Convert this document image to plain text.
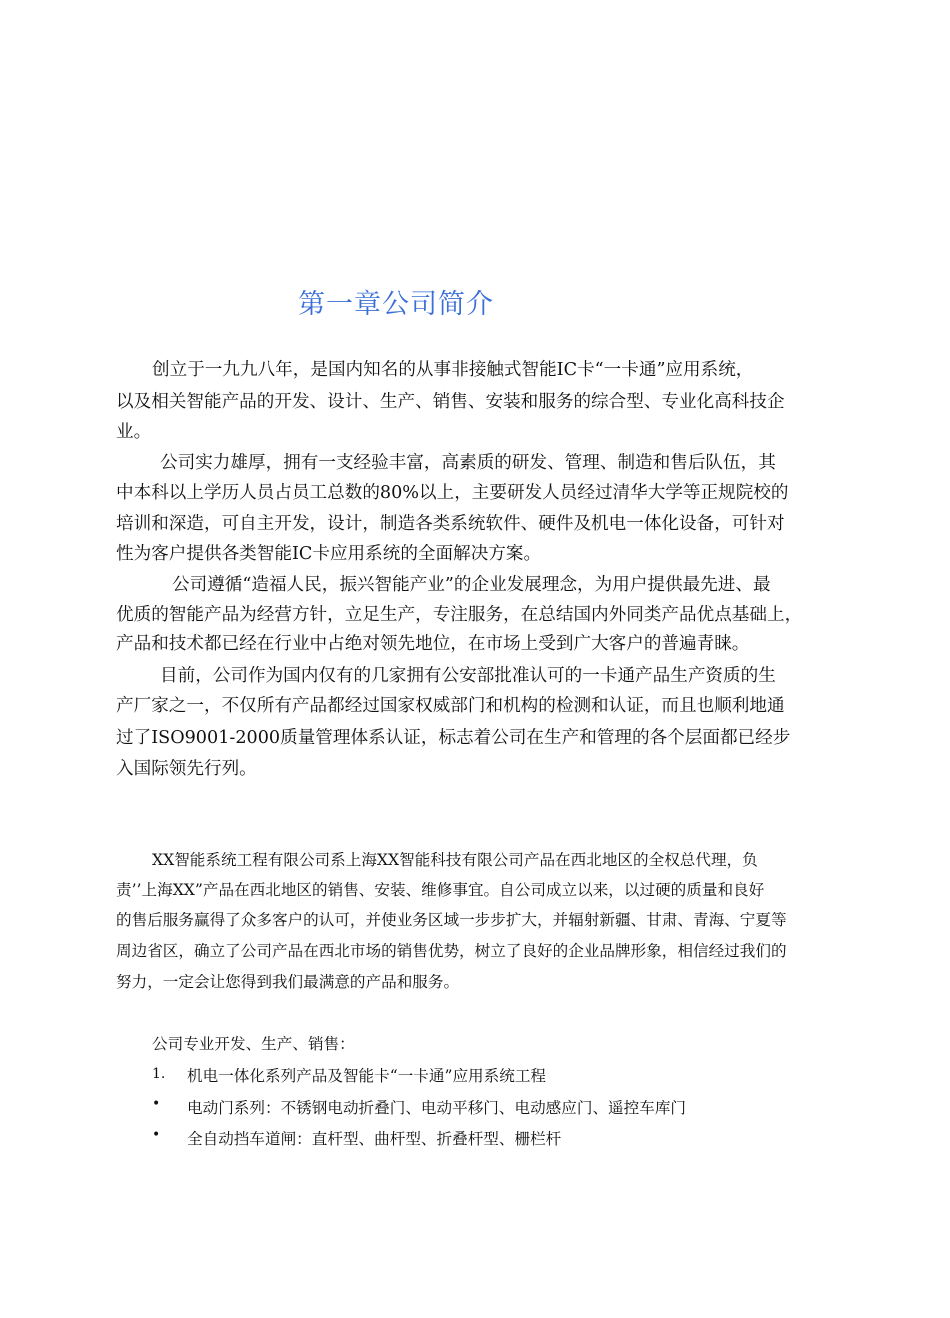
第一章公司简介
创立于一九九八年，是国内知名的从事非接触式智能IC卡“一卡通”应用系统，
以及相关智能产品的开发、设计、生产、销售、安装和服务的综合型、专业化高科技企
业。
公司实力雄厚，拥有一支经验丰富，高素质的研发、管理、制造和售后队伍，其
中本科以上学历人员占员工总数的80%以上，主要研发人员经过清华大学等正规院校的
培训和深造，可自主开发，设计，制造各类系统软件、硬件及机电一体化设备，可针对
性为客户提供各类智能IC卡应用系统的全面解决方案。
公司遵循“造福人民，振兴智能产业”的企业发展理念，为用户提供最先进、最
优质的智能产品为经营方针，立足生产，专注服务，在总结国内外同类产品优点基础上，
产品和技术都已经在行业中占绝对领先地位，在市场上受到广大客户的普遍青睐。
目前，公司作为国内仅有的几家拥有公安部批准认可的一卡通产品生产资质的生
产厂家之一，不仅所有产品都经过国家权威部门和机构的检测和认证，而且也顺利地通
过了ISO9001-2000质量管理体系认证，标志着公司在生产和管理的各个层面都已经步
入国际领先行列。
XX智能系统工程有限公司系上海XX智能科技有限公司产品在西北地区的全权总代理，负
责’’上海XX”产品在西北地区的销售、安装、维修事宜。自公司成立以来，以过硬的质量和良好
的售后服务赢得了众多客户的认可，并使业务区域一步步扩大，并辐射新疆、甘肃、青海、宁夏等
周边省区，确立了公司产品在西北市场的销售优势，树立了良好的企业品牌形象，相信经过我们的
努力，一定会让您得到我们最满意的产品和服务。
公司专业开发、生产、销售：
1. 机电一体化系列产品及智能卡“一卡通”应用系统工程
• 电动门系列：不锈钢电动折叠门、电动平移门、电动感应门、遥控车库门
• 全自动挡车道闸：直杆型、曲杆型、折叠杆型、栅栏杆
